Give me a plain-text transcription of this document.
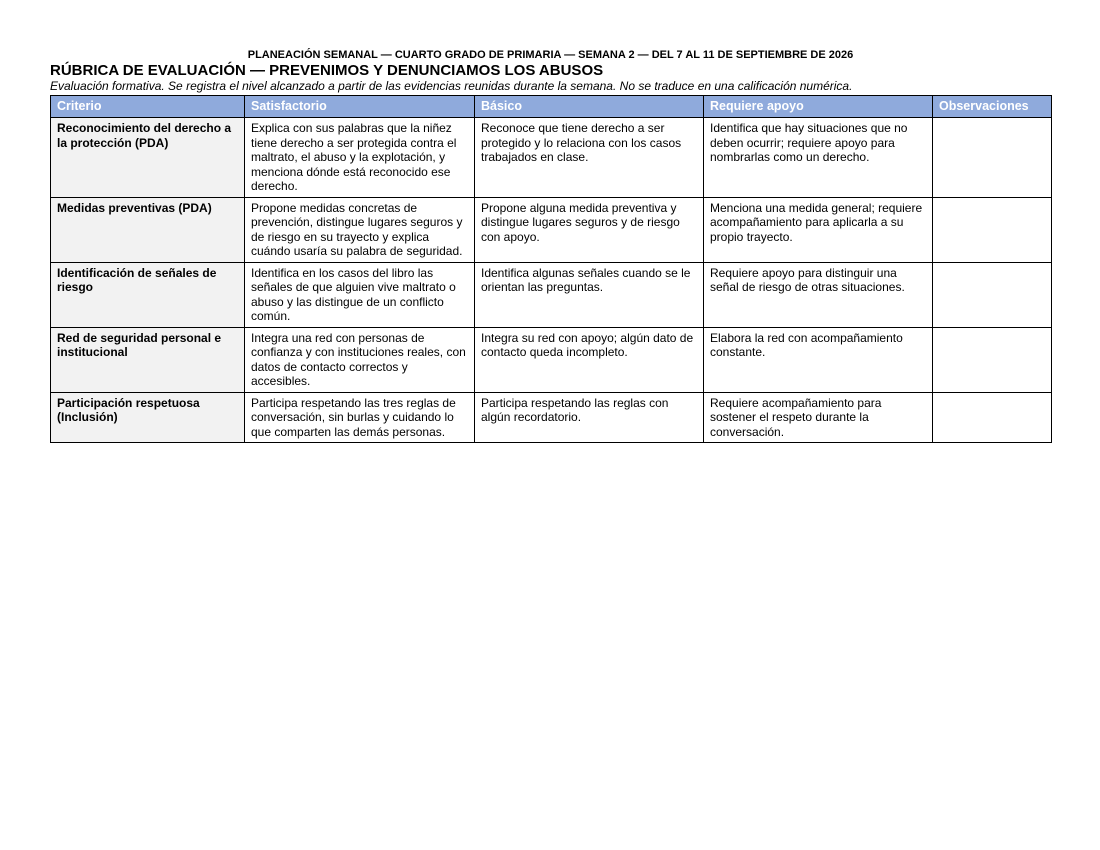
PLANEACIÓN SEMANAL — CUARTO GRADO DE PRIMARIA — SEMANA 2 — DEL 7 AL 11 DE SEPTIEMBRE DE 2026
RÚBRICA DE EVALUACIÓN — PREVENIMOS Y DENUNCIAMOS LOS ABUSOS
Evaluación formativa. Se registra el nivel alcanzado a partir de las evidencias reunidas durante la semana. No se traduce en una calificación numérica.
Criterio	Satisfactorio	Básico	Requiere apoyo	Observaciones
Reconocimiento del derecho a la protección (PDA)	Explica con sus palabras que la niñez tiene derecho a ser protegida contra el maltrato, el abuso y la explotación, y menciona dónde está reconocido ese derecho.	Reconoce que tiene derecho a ser protegido y lo relaciona con los casos trabajados en clase.	Identifica que hay situaciones que no deben ocurrir; requiere apoyo para nombrarlas como un derecho.	
Medidas preventivas (PDA)	Propone medidas concretas de prevención, distingue lugares seguros y de riesgo en su trayecto y explica cuándo usaría su palabra de seguridad.	Propone alguna medida preventiva y distingue lugares seguros y de riesgo con apoyo.	Menciona una medida general; requiere acompañamiento para aplicarla a su propio trayecto.	
Identificación de señales de riesgo	Identifica en los casos del libro las señales de que alguien vive maltrato o abuso y las distingue de un conflicto común.	Identifica algunas señales cuando se le orientan las preguntas.	Requiere apoyo para distinguir una señal de riesgo de otras situaciones.	
Red de seguridad personal e institucional	Integra una red con personas de confianza y con instituciones reales, con datos de contacto correctos y accesibles.	Integra su red con apoyo; algún dato de contacto queda incompleto.	Elabora la red con acompañamiento constante.	
Participación respetuosa (Inclusión)	Participa respetando las tres reglas de conversación, sin burlas y cuidando lo que comparten las demás personas.	Participa respetando las reglas con algún recordatorio.	Requiere acompañamiento para sostener el respeto durante la conversación.	
